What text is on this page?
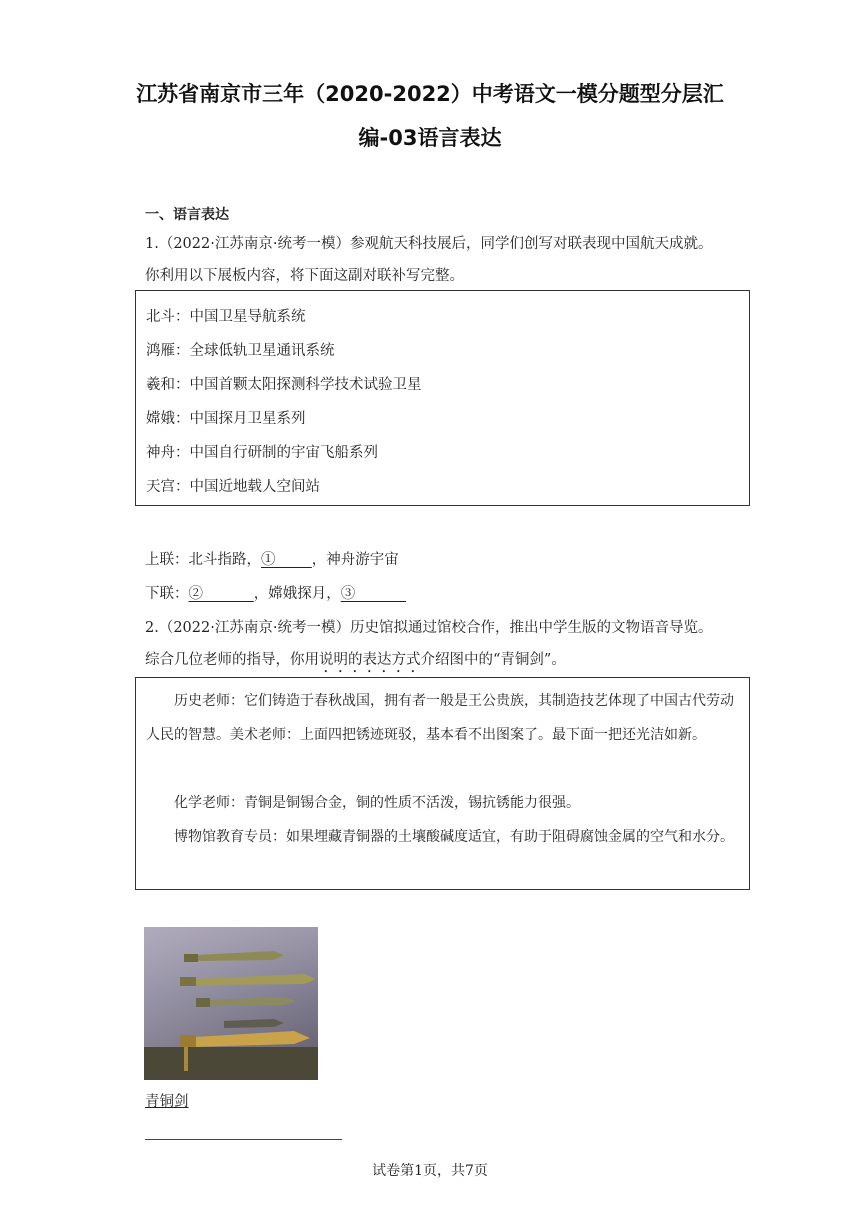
江苏省南京市三年（2020-2022）中考语文一模分题型分层汇
编-03语言表达
一、语言表达
1.（2022·江苏南京·统考一模）参观航天科技展后，同学们创写对联表现中国航天成就。
你利用以下展板内容，将下面这副对联补写完整。
北斗：中国卫星导航系统
鸿雁：全球低轨卫星通讯系统
羲和：中国首颗太阳探测科学技术试验卫星
嫦娥：中国探月卫星系列
神舟：中国自行研制的宇宙飞船系列
天宫：中国近地载人空间站
上联：北斗指路，①_____，神舟游宇宙
下联：②_______，嫦娥探月，③_______
2.（2022·江苏南京·统考一模）历史馆拟通过馆校合作，推出中学生版的文物语音导览。
综合几位老师的指导，你用说明的表达方式介绍图中的“青铜剑”。
历史老师：它们铸造于春秋战国，拥有者一般是王公贵族，其制造技艺体现了中国古代劳动人民的智慧。美术老师：上面四把锈迹斑驳，基本看不出图案了。最下面一把还光洁如新。
化学老师：青铜是铜锡合金，铜的性质不活泼，锡抗锈能力很强。
博物馆教育专员：如果埋藏青铜器的土壤酸碱度适宜，有助于阻碍腐蚀金属的空气和水分。
青铜剑
试卷第1页，共7页
